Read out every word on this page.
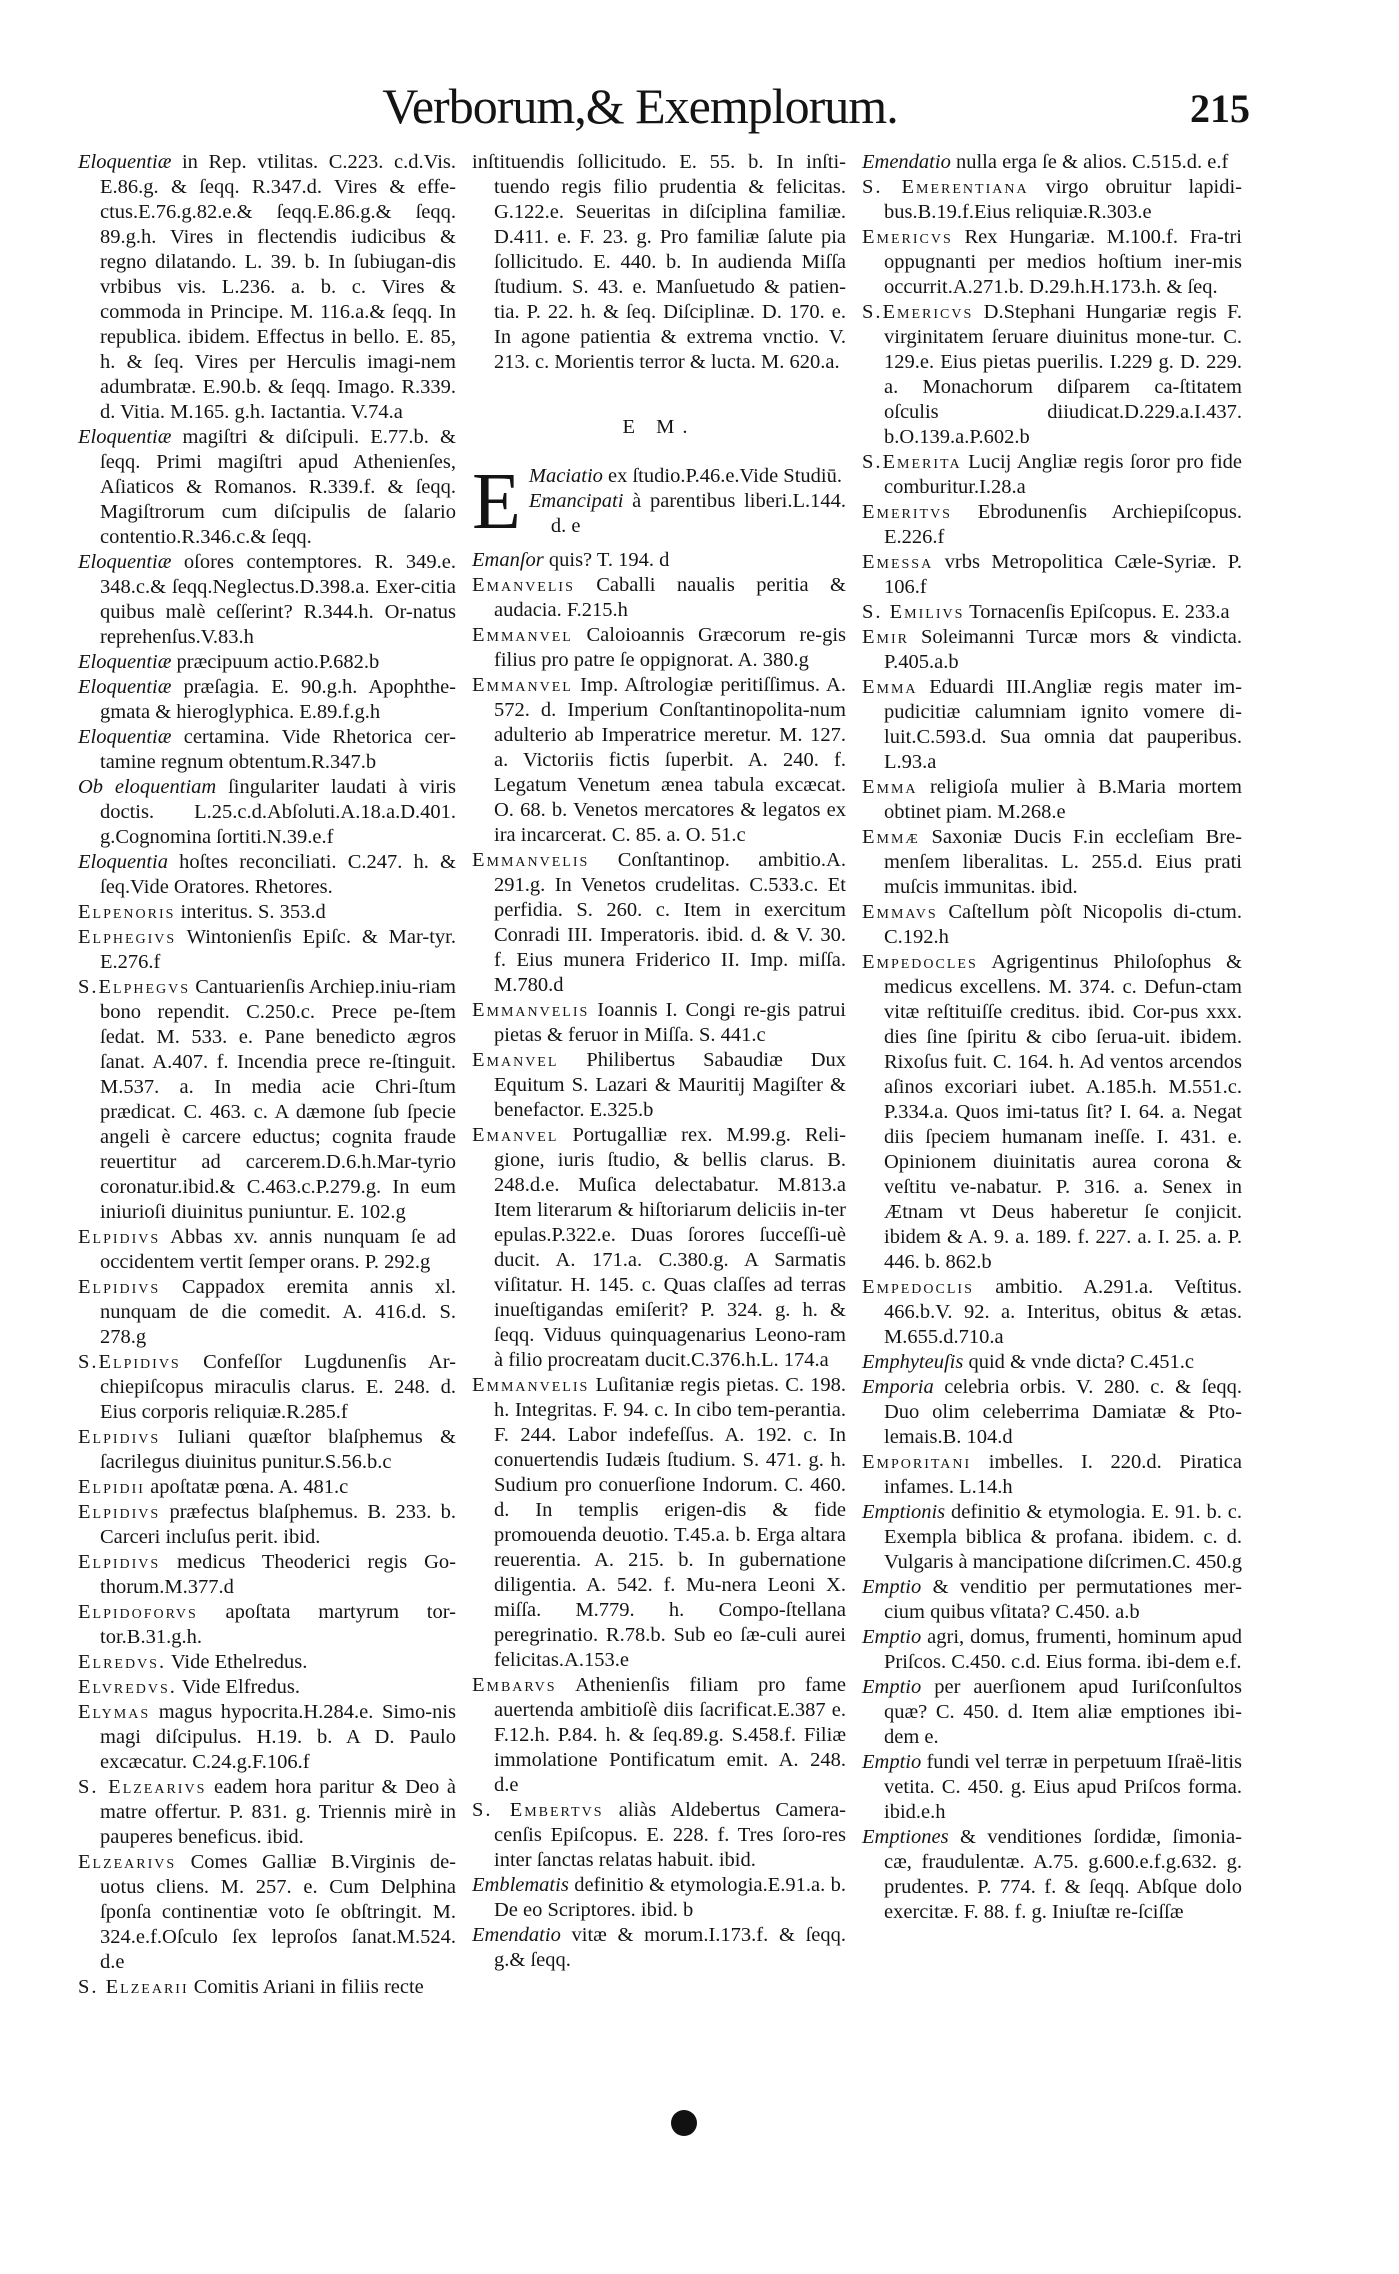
Verborum,& Exemplorum.	215

Eloquentiæ in Rep. vtilitas. C.223. c.d.Vis. E.86.g. & ſeqq. R.347.d. Vires & effe-ctus.E.76.g.82.e.& ſeqq.E.86.g.& ſeqq. 89.g.h. Vires in flectendis iudicibus & regno dilatando. L. 39. b. In ſubiugan-dis vrbibus vis. L.236. a. b. c. Vires & commoda in Principe. M. 116.a.& ſeqq. In republica. ibidem. Effectus in bello. E. 85, h. & ſeq. Vires per Herculis imagi-nem adumbratæ. E.90.b. & ſeqq. Imago. R.339. d. Vitia. M.165. g.h. Iactantia. V.74.a

Eloquentiæ magiſtri & diſcipuli. E.77.b. & ſeqq. Primi magiſtri apud Athenienſes, Aſiaticos & Romanos. R.339.f. & ſeqq. Magiſtrorum cum diſcipulis de ſalario contentio.R.346.c.& ſeqq.

Eloquentiæ oſores contemptores. R. 349.e. 348.c.& ſeqq.Neglectus.D.398.a. Exer-citia quibus malè ceſſerint? R.344.h. Or-natus reprehenſus.V.83.h

Eloquentiæ præcipuum actio.P.682.b

Eloquentiæ præſagia. E. 90.g.h. Apophthe-gmata & hieroglyphica. E.89.f.g.h

Eloquentiæ certamina. Vide Rhetorica cer-tamine regnum obtentum.R.347.b

Ob eloquentiam ſingulariter laudati à viris doctis. L.25.c.d.Abſoluti.A.18.a.D.401. g.Cognomina ſortiti.N.39.e.f

Eloquentia hoſtes reconciliati. C.247. h. & ſeq.Vide Oratores. Rhetores.

Elpenoris interitus. S. 353.d

Elphegivs Wintonienſis Epiſc. & Mar-tyr. E.276.f

S.Elphegvs Cantuarienſis Archiep.iniu-riam bono rependit. C.250.c. Prece pe-ſtem ſedat. M. 533. e. Pane benedicto ægros ſanat. A.407. f. Incendia prece re-ſtinguit. M.537. a. In media acie Chri-ſtum prædicat. C. 463. c. A dæmone ſub ſpecie angeli è carcere eductus; cognita fraude reuertitur ad carcerem.D.6.h.Mar-tyrio coronatur.ibid.& C.463.c.P.279.g. In eum iniurioſi diuinitus puniuntur. E. 102.g

Elpidivs Abbas xv. annis nunquam ſe ad occidentem vertit ſemper orans. P. 292.g

Elpidivs Cappadox eremita annis xl. nunquam de die comedit. A. 416.d. S. 278.g

S.Elpidivs Confeſſor Lugdunenſis Ar-chiepiſcopus miraculis clarus. E. 248. d. Eius corporis reliquiæ.R.285.f

Elpidivs Iuliani quæſtor blaſphemus & ſacrilegus diuinitus punitur.S.56.b.c

Elpidii apoſtatæ pœna. A. 481.c

Elpidivs præfectus blaſphemus. B. 233. b. Carceri incluſus perit. ibid.

Elpidivs medicus Theoderici regis Go-thorum.M.377.d

Elpidoforvs apoſtata martyrum tor-tor.B.31.g.h.

Elredvs. Vide Ethelredus.

Elvredvs. Vide Elfredus.

Elymas magus hypocrita.H.284.e. Simo-nis magi diſcipulus. H.19. b. A D. Paulo excæcatur. C.24.g.F.106.f

S. Elzearivs eadem hora paritur & Deo à matre offertur. P. 831. g. Triennis mirè in pauperes beneficus. ibid.

Elzearivs Comes Galliæ B.Virginis de-uotus cliens. M. 257. e. Cum Delphina ſponſa continentiæ voto ſe obſtringit. M. 324.e.f.Oſculo ſex leproſos ſanat.M.524. d.e

S. Elzearii Comitis Ariani in filiis recte

inſtituendis ſollicitudo. E. 55. b. In inſti-tuendo regis filio prudentia & felicitas. G.122.e. Seueritas in diſciplina familiæ. D.411. e. F. 23. g. Pro familiæ ſalute pia ſollicitudo. E. 440. b. In audienda Miſſa ſtudium. S. 43. e. Manſuetudo & patien-tia. P. 22. h. & ſeq. Diſciplinæ. D. 170. e. In agone patientia & extrema vnctio. V. 213. c. Morientis terror & lucta. M. 620.a.

E M.
E Maciatio ex ſtudio.P.46.e.Vide Studiū.

Emancipati à parentibus liberi.L.144. d. e

Emanſor quis? T. 194. d

Emanvelis Caballi naualis peritia & audacia. F.215.h

Emmanvel Caloioannis Græcorum re-gis filius pro patre ſe oppignorat. A. 380.g

Emmanvel Imp. Aſtrologiæ peritiſſimus. A. 572. d. Imperium Conſtantinopolita-num adulterio ab Imperatrice meretur. M. 127. a. Victoriis fictis ſuperbit. A. 240. f. Legatum Venetum ænea tabula excæcat. O. 68. b. Venetos mercatores & legatos ex ira incarcerat. C. 85. a. O. 51.c

Emmanvelis Conſtantinop. ambitio.A. 291.g. In Venetos crudelitas. C.533.c. Et perfidia. S. 260. c. Item in exercitum Conradi III. Imperatoris. ibid. d. & V. 30. f. Eius munera Friderico II. Imp. miſſa. M.780.d

Emmanvelis Ioannis I. Congi re-gis patrui pietas & feruor in Miſſa. S. 441.c

Emanvel Philibertus Sabaudiæ Dux Equitum S. Lazari & Mauritij Magiſter & benefactor. E.325.b

Emanvel Portugalliæ rex. M.99.g. Reli-gione, iuris ſtudio, & bellis clarus. B. 248.d.e. Muſica delectabatur. M.813.a Item literarum & hiſtoriarum deliciis in-ter epulas.P.322.e. Duas ſorores ſucceſſi-uè ducit. A. 171.a. C.380.g. A Sarmatis viſitatur. H. 145. c. Quas claſſes ad terras inueſtigandas emiſerit? P. 324. g. h. & ſeqq. Viduus quinquagenarius Leono-ram à filio procreatam ducit.C.376.h.L. 174.a

Emmanvelis Luſitaniæ regis pietas. C. 198. h. Integritas. F. 94. c. In cibo tem-perantia. F. 244. Labor indefeſſus. A. 192. c. In conuertendis Iudæis ſtudium. S. 471. g. h. Sudium pro conuerſione Indorum. C. 460. d. In templis erigen-dis & fide promouenda deuotio. T.45.a. b. Erga altara reuerentia. A. 215. b. In gubernatione diligentia. A. 542. f. Mu-nera Leoni X. miſſa. M.779. h. Compo-ſtellana peregrinatio. R.78.b. Sub eo ſæ-culi aurei felicitas.A.153.e

Embarvs Athenienſis filiam pro fame auertenda ambitioſè diis ſacrificat.E.387 e. F.12.h. P.84. h. & ſeq.89.g. S.458.f. Filiæ immolatione Pontificatum emit. A. 248. d.e

S. Embertvs aliàs Aldebertus Camera-cenſis Epiſcopus. E. 228. f. Tres ſoro-res inter ſanctas relatas habuit. ibid.

Emblematis definitio & etymologia.E.91.a. b. De eo Scriptores. ibid. b

Emendatio vitæ & morum.I.173.f. & ſeqq. g.& ſeqq.

Emendatio nulla erga ſe & alios. C.515.d. e.f

S. Emerentiana virgo obruitur lapidi-bus.B.19.f.Eius reliquiæ.R.303.e

Emericvs Rex Hungariæ. M.100.f. Fra-tri oppugnanti per medios hoſtium iner-mis occurrit.A.271.b. D.29.h.H.173.h. & ſeq.

S.Emericvs D.Stephani Hungariæ regis F. virginitatem ſeruare diuinitus mone-tur. C. 129.e. Eius pietas puerilis. I.229 g. D. 229. a. Monachorum diſparem ca-ſtitatem oſculis diiudicat.D.229.a.I.437. b.O.139.a.P.602.b

S.Emerita Lucij Angliæ regis ſoror pro fide comburitur.I.28.a

Emeritvs Ebrodunenſis Archiepiſcopus. E.226.f

Emessa vrbs Metropolitica Cæle-Syriæ. P. 106.f

S. Emilivs Tornacenſis Epiſcopus. E. 233.a

Emir Soleimanni Turcæ mors & vindicta. P.405.a.b

Emma Eduardi III.Angliæ regis mater im-pudicitiæ calumniam ignito vomere di-luit.C.593.d. Sua omnia dat pauperibus. L.93.a

Emma religioſa mulier à B.Maria mortem obtinet piam. M.268.e

Emmæ Saxoniæ Ducis F.in eccleſiam Bre-menſem liberalitas. L. 255.d. Eius prati muſcis immunitas. ibid.

Emmavs Caſtellum pòſt Nicopolis di-ctum. C.192.h

Empedocles Agrigentinus Philoſophus & medicus excellens. M. 374. c. Defun-ctam vitæ reſtituiſſe creditus. ibid. Cor-pus xxx. dies ſine ſpiritu & cibo ſerua-uit. ibidem. Rixoſus fuit. C. 164. h. Ad ventos arcendos aſinos excoriari iubet. A.185.h. M.551.c. P.334.a. Quos imi-tatus ſit? I. 64. a. Negat diis ſpeciem humanam ineſſe. I. 431. e. Opinionem diuinitatis aurea corona & veſtitu ve-nabatur. P. 316. a. Senex in Ætnam vt Deus haberetur ſe conjicit. ibidem & A. 9. a. 189. f. 227. a. I. 25. a. P. 446. b. 862.b

Empedoclis ambitio. A.291.a. Veſtitus. 466.b.V. 92. a. Interitus, obitus & ætas. M.655.d.710.a

Emphyteuſis quid & vnde dicta? C.451.c

Emporia celebria orbis. V. 280. c. & ſeqq. Duo olim celeberrima Damiatæ & Pto-lemais.B. 104.d

Emporitani imbelles. I. 220.d. Piratica infames. L.14.h

Emptionis definitio & etymologia. E. 91. b. c. Exempla biblica & profana. ibidem. c. d. Vulgaris à mancipatione diſcrimen.C. 450.g

Emptio & venditio per permutationes mer-cium quibus vſitata? C.450. a.b

Emptio agri, domus, frumenti, hominum apud Priſcos. C.450. c.d. Eius forma. ibi-dem e.f.

Emptio per auerſionem apud Iuriſconſultos quæ? C. 450. d. Item aliæ emptiones ibi-dem e.

Emptio fundi vel terræ in perpetuum Iſraë-litis vetita. C. 450. g. Eius apud Priſcos forma. ibid.e.h

Emptiones & venditiones ſordidæ, ſimonia-cæ, fraudulentæ. A.75. g.600.e.f.g.632. g. prudentes. P. 774. f. & ſeqq. Abſque dolo exercitæ. F. 88. f. g. Iniuſtæ re-ſciſſæ
